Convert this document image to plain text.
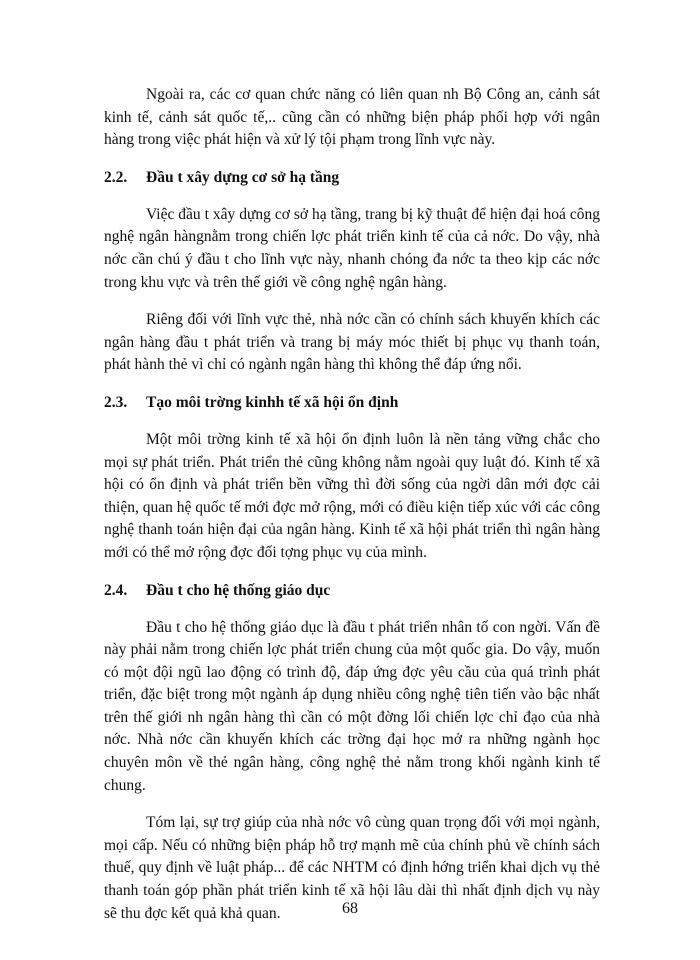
Ngoài ra, các cơ quan chức năng có liên quan nh Bộ Công an, cảnh sát kinh tế, cảnh sát quốc tế,.. cũng cần có những biện pháp phối hợp với ngân hàng trong việc phát hiện và xử lý tội phạm trong lĩnh vực này.

2.2.	Đầu t xây dựng cơ sở hạ tầng

Việc đầu t xây dựng cơ sở hạ tầng, trang bị kỹ thuật để hiện đại hoá công nghệ ngân hàngnằm trong chiến lợc phát triển kinh tế của cả nớc. Do vậy, nhà nớc cần chú ý đầu t cho lĩnh vực này, nhanh chóng đa nớc ta theo kịp các nớc trong khu vực và trên thế giới về công nghệ ngân hàng.

Riêng đối với lĩnh vực thẻ, nhà nớc cần có chính sách khuyến khích các ngân hàng đầu t phát triển và trang bị máy móc thiết bị phục vụ thanh toán, phát hành thẻ vì chỉ có ngành ngân hàng thì không thể đáp ứng nổi.

2.3.	Tạo môi trờng kinhh tế xã hội ổn định

Một môi trờng kinh tế xã hội ổn định luôn là nền tảng vững chắc cho mọi sự phát triển. Phát triển thẻ cũng không nằm ngoài quy luật đó. Kinh tế xã hội có ổn định và phát triển bền vững thì đời sống của ngời dân mới đợc cải thiện, quan hệ quốc tế mới đợc mở rộng, mới có điều kiện tiếp xúc với các công nghệ thanh toán hiện đại của ngân hàng. Kinh tế xã hội phát triển thì ngân hàng mới có thể mở rộng đợc đối tợng phục vụ của mình.

2.4.	Đầu t cho hệ thống giáo dục

Đầu t cho hệ thống giáo dục là đầu t phát triển nhân tố con ngời. Vấn đề này phải nằm trong chiến lợc phát triển chung của một quốc gia. Do vậy, muốn có một đội ngũ lao động có trình độ, đáp ứng đợc yêu cầu của quá trình phát triển, đặc biệt trong một ngành áp dụng nhiều công nghệ tiên tiến vào bậc nhất trên thế giới nh ngân hàng thì cần có một đờng lối chiến lợc chỉ đạo của nhà nớc. Nhà nớc cần khuyến khích các trờng đại học mở ra những ngành học chuyên môn về thẻ ngân hàng, công nghệ thẻ nằm trong khối ngành kinh tế chung.

Tóm lại, sự trợ giúp của nhà nớc vô cùng quan trọng đối với mọi ngành, mọi cấp. Nếu có những biện pháp hỗ trợ mạnh mẽ của chính phủ về chính sách thuế, quy định về luật pháp... để các NHTM có định hớng triển khai dịch vụ thẻ thanh toán góp phần phát triển kinh tế xã hội lâu dài thì nhất định dịch vụ này sẽ thu đợc kết quả khả quan.	68
